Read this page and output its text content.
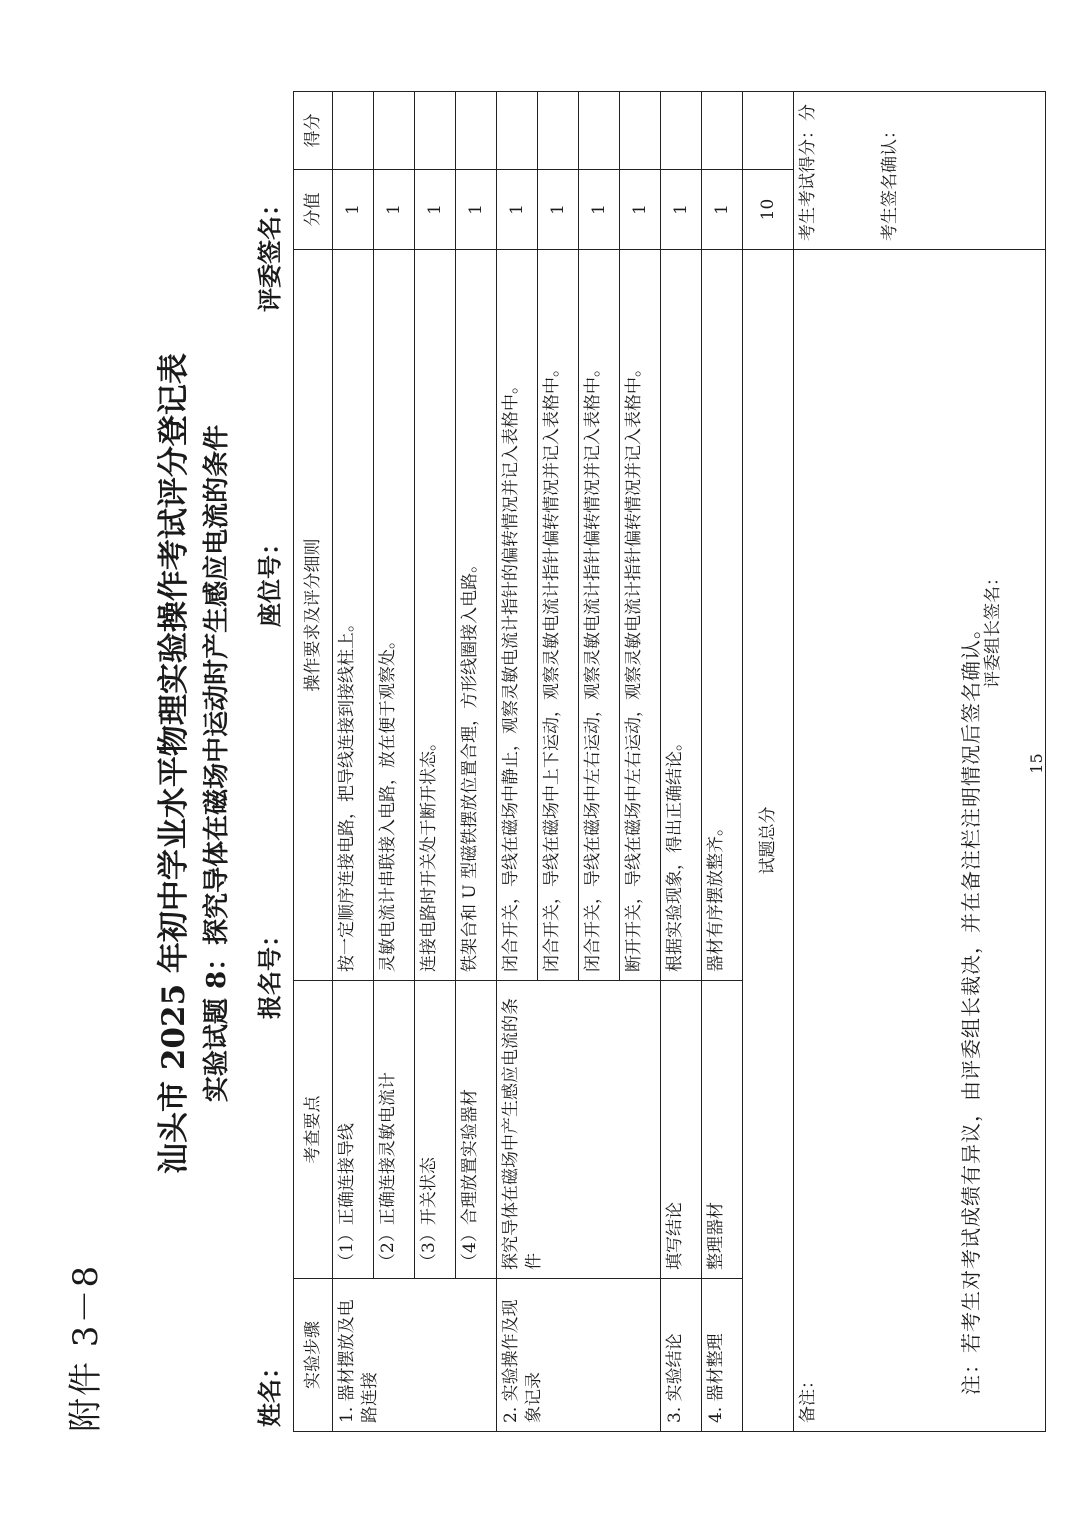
附件 3－8
汕头市 2025 年初中学业水平物理实验操作考试评分登记表 实验试题 8：探究导体在磁场中运动时产生感应电流的条件
姓名：
报名号：
座位号：
评委签名：
实验步骤	考查要点	操作要求及评分细则	分值	得分
1. 器材摆放及电路连接	（1）正确连接导线	按一定顺序连接电路，把导线连接到接线柱上。	1	
	（2）正确连接灵敏电流计	灵敏电流计串联接入电路，放在便于观察处。	1	
	（3）开关状态	连接电路时开关处于断开状态。	1	
	（4）合理放置实验器材	铁架台和 U 型磁铁摆放位置合理，方形线圈接入电路。	1	
2. 实验操作及现象记录	探究导体在磁场中产生感应电流的条件	闭合开关，导线在磁场中静止，观察灵敏电流计指针的偏转情况并记入表格中。	1	
		闭合开关，导线在磁场中上下运动，观察灵敏电流计指针偏转情况并记入表格中。	1	
		闭合开关，导线在磁场中左右运动，观察灵敏电流计指针偏转情况并记入表格中。	1	
		断开开关，导线在磁场中左右运动，观察灵敏电流计指针偏转情况并记入表格中。	1	
3. 实验结论	填写结论	根据实验现象，得出正确结论。	1	
4. 器材整理	整理器材	器材有序摆放整齐。	1	
试题总分			10	

备注：
评委组长签名：			考生考试得分：
分
考生签名确认：	
注：若考生对考试成绩有异议，由评委组长裁决，并在备注栏注明情况后签名确认。	15
